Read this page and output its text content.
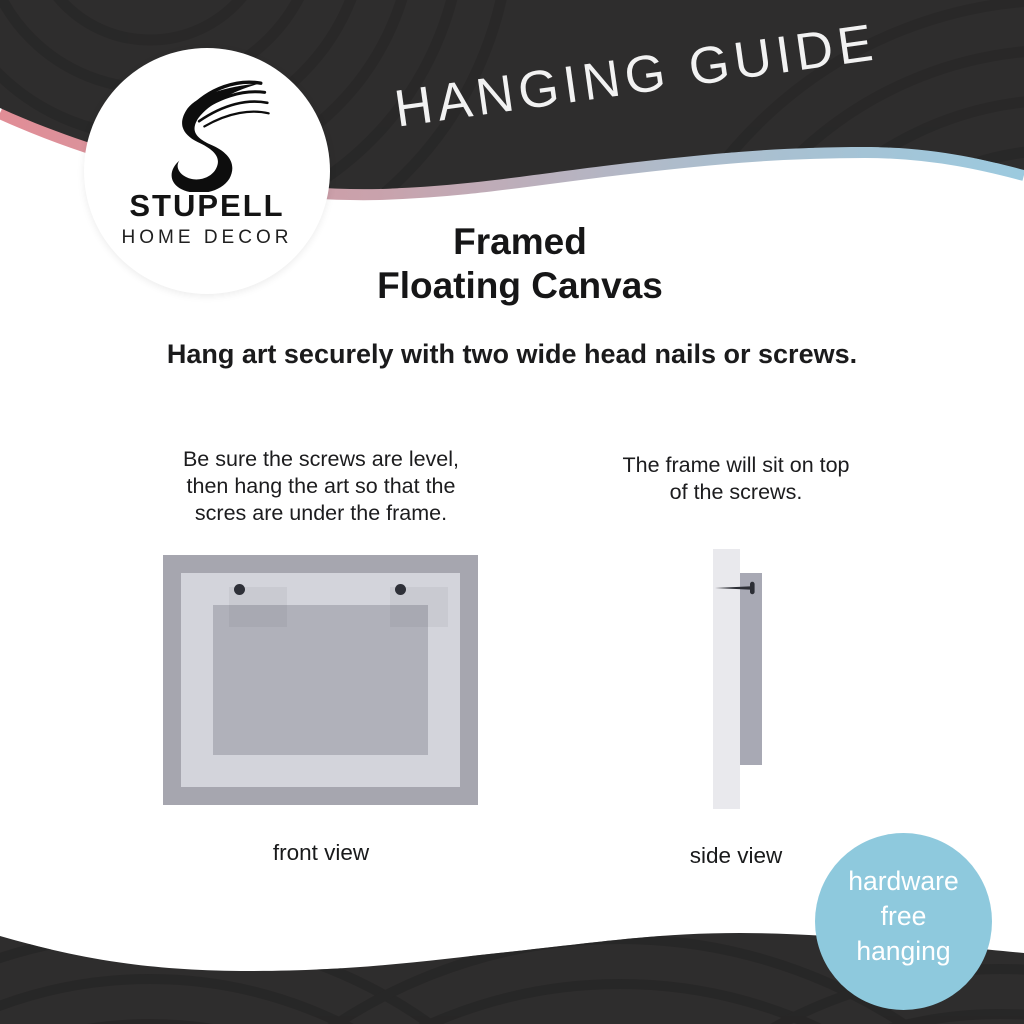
HANGING GUIDE
STUPELL
HOME DECOR	Framed
Floating Canvas
Hang art securely with two wide head nails or screws.
Be sure the screws are level,
then hang the art so that the
scres are under the frame.
The frame will sit on top
of the screws.
front view	side view
hardware
free
hanging
